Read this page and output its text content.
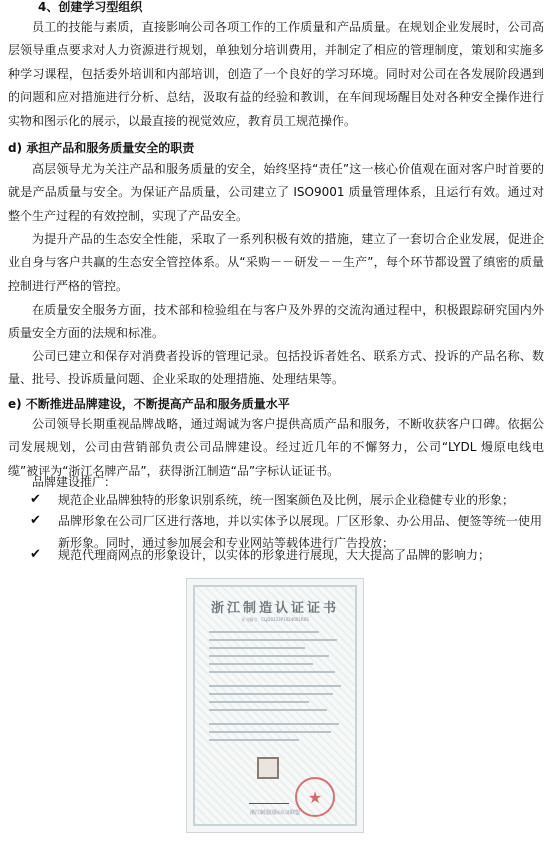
4、创建学习型组织

员工的技能与素质，直接影响公司各项工作的工作质量和产品质量。在规划企业发展时，公司高层领导重点要求对人力资源进行规划，单独划分培训费用，并制定了相应的管理制度，策划和实施多种学习课程，包括委外培训和内部培训，创造了一个良好的学习环境。同时对公司在各发展阶段遇到的问题和应对措施进行分析、总结，汲取有益的经验和教训，在车间现场醒目处对各种安全操作进行实物和图示化的展示，以最直接的视觉效应，教育员工规范操作。

d) 承担产品和服务质量安全的职责

高层领导尤为关注产品和服务质量的安全，始终坚持“责任”这一核心价值观在面对客户时首要的就是产品质量与安全。为保证产品质量，公司建立了 ISO9001 质量管理体系，且运行有效。通过对整个生产过程的有效控制，实现了产品安全。

为提升产品的生态安全性能，采取了一系列积极有效的措施，建立了一套切合企业发展，促进企业自身与客户共赢的生态安全管控体系。从“采购－－研发－－生产”，每个环节都设置了缜密的质量控制进行严格的管控。

在质量安全服务方面，技术部和检验组在与客户及外界的交流沟通过程中，积极跟踪研究国内外质量安全方面的法规和标准。

公司已建立和保存对消费者投诉的管理记录。包括投诉者姓名、联系方式、投诉的产品名称、数量、批号、投诉质量问题、企业采取的处理措施、处理结果等。

e) 不断推进品牌建设，不断提高产品和服务质量水平

公司领导长期重视品牌战略，通过竭诚为客户提供高质产品和服务，不断收获客户口碑。依据公司发展规划，公司由营销部负责公司品牌建设。经过近几年的不懈努力，公司“LYDL 熳原电线电缆”被评为“浙江名牌产品”，获得浙江制造“品”字标认证证书。

品牌建设推广：
✔ 规范企业品牌独特的形象识别系统，统一图案颜色及比例，展示企业稳健专业的形象；
✔ 品牌形象在公司厂区进行落地，并以实体予以展现。厂区形象、办公用品、便签等统一使用新形象。同时，通过参加展会和专业网站等载体进行广告投放；
✔ 规范代理商网点的形象设计，以实体的形象进行展现，大大提高了品牌的影响力；
浙江制造认证证书
证书编号：CLJD0323P1024001R0S
★
浙江制造国际认证联盟
